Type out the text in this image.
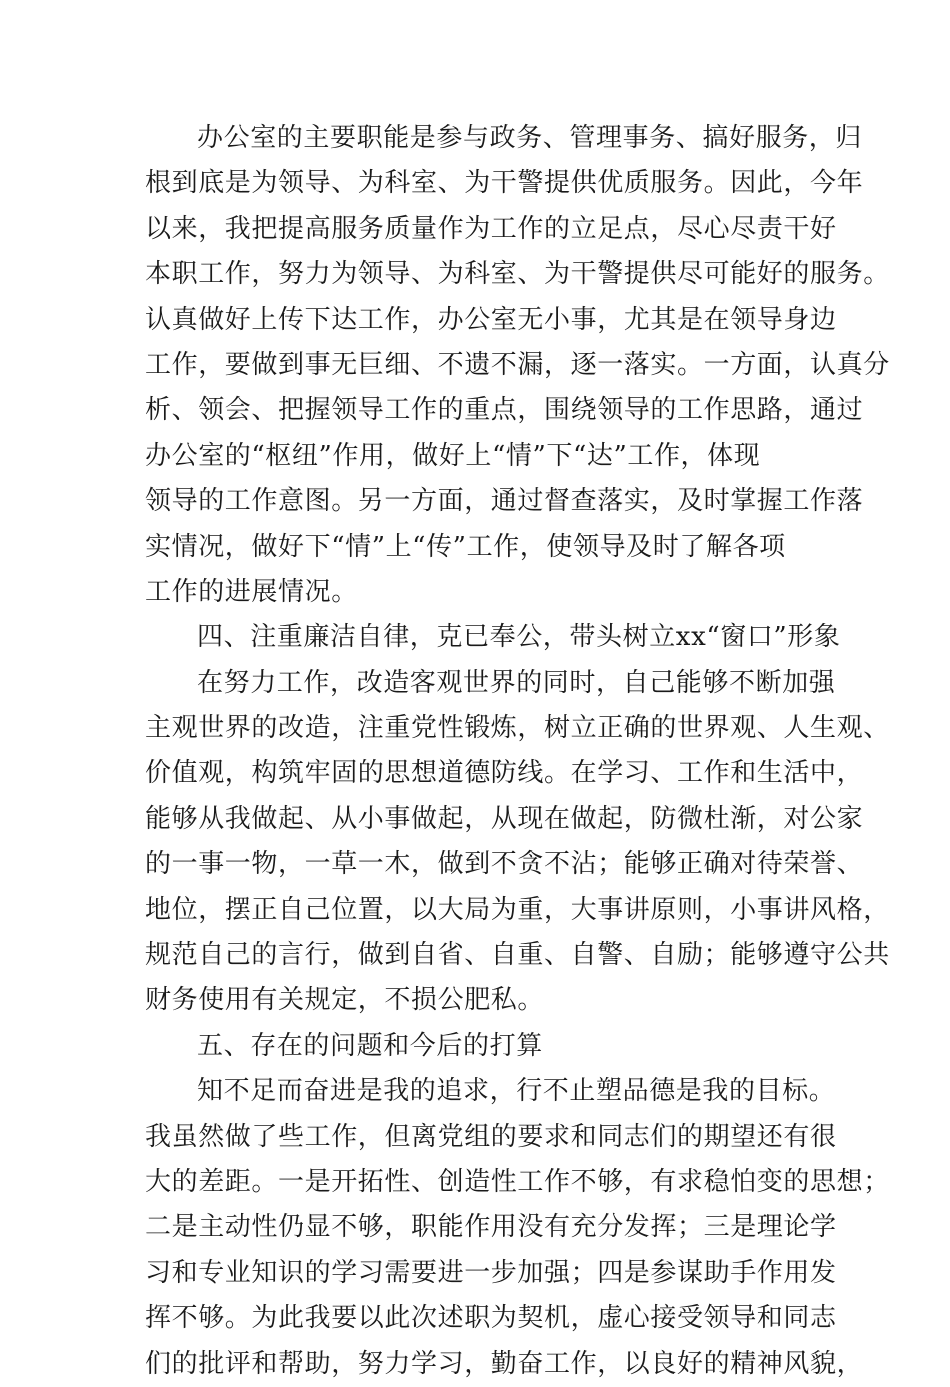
办公室的主要职能是参与政务、管理事务、搞好服务，归
根到底是为领导、为科室、为干警提供优质服务。因此，今年
以来，我把提高服务质量作为工作的立足点，尽心尽责干好
本职工作，努力为领导、为科室、为干警提供尽可能好的服务。
认真做好上传下达工作，办公室无小事，尤其是在领导身边
工作，要做到事无巨细、不遗不漏，逐一落实。一方面，认真分
析、领会、把握领导工作的重点，围绕领导的工作思路，通过
办公室的“枢纽”作用，做好上“情”下“达”工作，体现
领导的工作意图。另一方面，通过督查落实，及时掌握工作落
实情况，做好下“情”上“传”工作，使领导及时了解各项
工作的进展情况。
四、注重廉洁自律，克已奉公，带头树立xx“窗口”形象
在努力工作，改造客观世界的同时，自己能够不断加强
主观世界的改造，注重党性锻炼，树立正确的世界观、人生观、
价值观，构筑牢固的思想道德防线。在学习、工作和生活中，
能够从我做起、从小事做起，从现在做起，防微杜渐，对公家
的一事一物，一草一木，做到不贪不沾；能够正确对待荣誉、
地位，摆正自己位置，以大局为重，大事讲原则，小事讲风格，
规范自己的言行，做到自省、自重、自警、自励；能够遵守公共
财务使用有关规定，不损公肥私。
五、存在的问题和今后的打算
知不足而奋进是我的追求，行不止塑品德是我的目标。
我虽然做了些工作，但离党组的要求和同志们的期望还有很
大的差距。一是开拓性、创造性工作不够，有求稳怕变的思想；
二是主动性仍显不够，职能作用没有充分发挥；三是理论学
习和专业知识的学习需要进一步加强；四是参谋助手作用发
挥不够。为此我要以此次述职为契机，虚心接受领导和同志
们的批评和帮助，努力学习，勤奋工作，以良好的精神风貌，
